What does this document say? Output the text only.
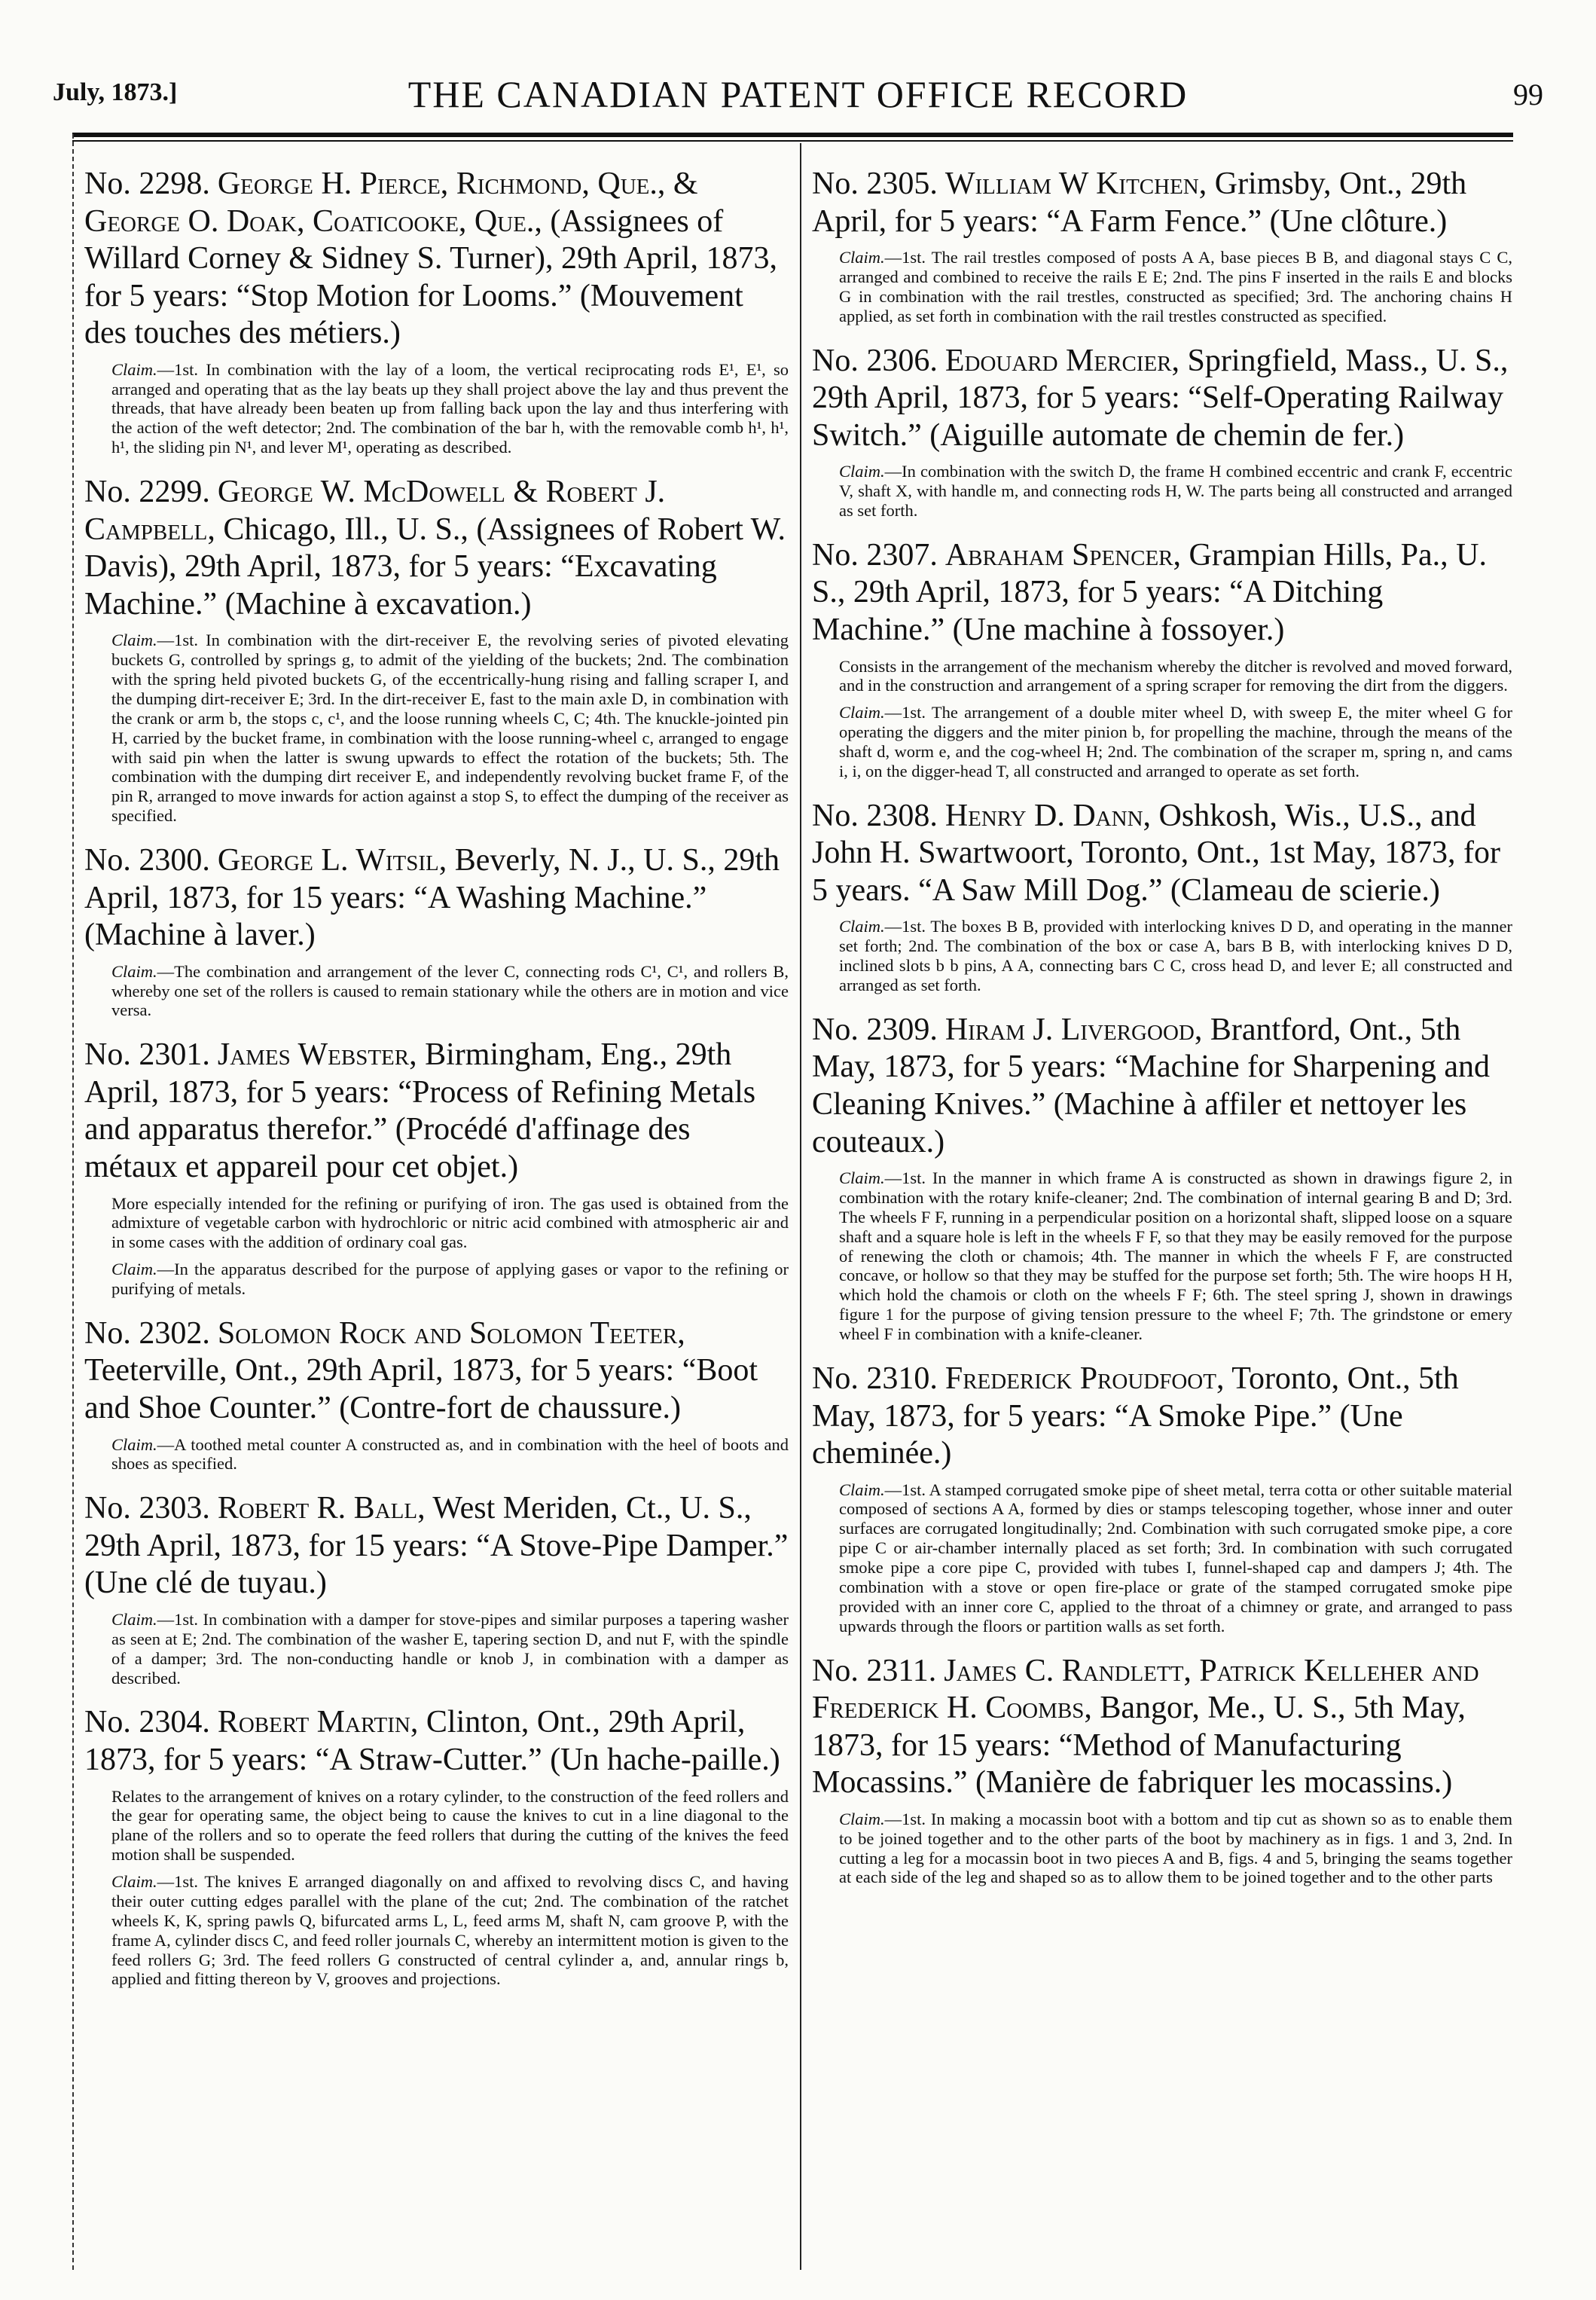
July, 1873.]	THE CANADIAN PATENT OFFICE RECORD	99

No. 2298. George H. Pierce, Richmond, Que., & George O. Doak, Coaticooke, Que., (Assignees of Willard Corney & Sidney S. Turner), 29th April, 1873, for 5 years: “Stop Motion for Looms.” (Mouvement des touches des métiers.)

Claim.—1st. In combination with the lay of a loom, the vertical reciprocating rods E¹, E¹, so arranged and operating that as the lay beats up they shall project above the lay and thus prevent the threads, that have already been beaten up from falling back upon the lay and thus interfering with the action of the weft detector; 2nd. The combination of the bar h, with the removable comb h¹, h¹, h¹, the sliding pin N¹, and lever M¹, operating as described.

No. 2299. George W. McDowell & Robert J. Campbell, Chicago, Ill., U. S., (Assignees of Robert W. Davis), 29th April, 1873, for 5 years: “Excavating Machine.” (Machine à excavation.)

Claim.—1st. In combination with the dirt-receiver E, the revolving series of pivoted elevating buckets G, controlled by springs g, to admit of the yielding of the buckets; 2nd. The combination with the spring held pivoted buckets G, of the eccentrically-hung rising and falling scraper I, and the dumping dirt-receiver E; 3rd. In the dirt-receiver E, fast to the main axle D, in combination with the crank or arm b, the stops c, c¹, and the loose running wheels C, C; 4th. The knuckle-jointed pin H, carried by the bucket frame, in combination with the loose running-wheel c, arranged to engage with said pin when the latter is swung upwards to effect the rotation of the buckets; 5th. The combination with the dumping dirt receiver E, and independently revolving bucket frame F, of the pin R, arranged to move inwards for action against a stop S, to effect the dumping of the receiver as specified.

No. 2300. George L. Witsil, Beverly, N. J., U. S., 29th April, 1873, for 15 years: “A Washing Machine.” (Machine à laver.)

Claim.—The combination and arrangement of the lever C, connecting rods C¹, C¹, and rollers B, whereby one set of the rollers is caused to remain stationary while the others are in motion and vice versa.

No. 2301. James Webster, Birmingham, Eng., 29th April, 1873, for 5 years: “Process of Refining Metals and apparatus therefor.” (Procédé d'affinage des métaux et appareil pour cet objet.)

More especially intended for the refining or purifying of iron. The gas used is obtained from the admixture of vegetable carbon with hydrochloric or nitric acid combined with atmospheric air and in some cases with the addition of ordinary coal gas.

Claim.—In the apparatus described for the purpose of applying gases or vapor to the refining or purifying of metals.

No. 2302. Solomon Rock and Solomon Teeter, Teeterville, Ont., 29th April, 1873, for 5 years: “Boot and Shoe Counter.” (Contre-fort de chaussure.)

Claim.—A toothed metal counter A constructed as, and in combination with the heel of boots and shoes as specified.

No. 2303. Robert R. Ball, West Meriden, Ct., U. S., 29th April, 1873, for 15 years: “A Stove-Pipe Damper.” (Une clé de tuyau.)

Claim.—1st. In combination with a damper for stove-pipes and similar purposes a tapering washer as seen at E; 2nd. The combination of the washer E, tapering section D, and nut F, with the spindle of a damper; 3rd. The non-conducting handle or knob J, in combination with a damper as described.

No. 2304. Robert Martin, Clinton, Ont., 29th April, 1873, for 5 years: “A Straw-Cutter.” (Un hache-paille.)

Relates to the arrangement of knives on a rotary cylinder, to the construction of the feed rollers and the gear for operating same, the object being to cause the knives to cut in a line diagonal to the plane of the rollers and so to operate the feed rollers that during the cutting of the knives the feed motion shall be suspended.

Claim.—1st. The knives E arranged diagonally on and affixed to revolving discs C, and having their outer cutting edges parallel with the plane of the cut; 2nd. The combination of the ratchet wheels K, K, spring pawls Q, bifurcated arms L, L, feed arms M, shaft N, cam groove P, with the frame A, cylinder discs C, and feed roller journals C, whereby an intermittent motion is given to the feed rollers G; 3rd. The feed rollers G constructed of central cylinder a, and, annular rings b, applied and fitting thereon by V, grooves and projections.

No. 2305. William W Kitchen, Grimsby, Ont., 29th April, for 5 years: “A Farm Fence.” (Une clôture.)

Claim.—1st. The rail trestles composed of posts A A, base pieces B B, and diagonal stays C C, arranged and combined to receive the rails E E; 2nd. The pins F inserted in the rails E and blocks G in combination with the rail trestles, constructed as specified; 3rd. The anchoring chains H applied, as set forth in combination with the rail trestles constructed as specified.

No. 2306. Edouard Mercier, Springfield, Mass., U. S., 29th April, 1873, for 5 years: “Self-Operating Railway Switch.” (Aiguille automate de chemin de fer.)

Claim.—In combination with the switch D, the frame H combined eccentric and crank F, eccentric V, shaft X, with handle m, and connecting rods H, W. The parts being all constructed and arranged as set forth.

No. 2307. Abraham Spencer, Grampian Hills, Pa., U. S., 29th April, 1873, for 5 years: “A Ditching Machine.” (Une machine à fossoyer.)

Consists in the arrangement of the mechanism whereby the ditcher is revolved and moved forward, and in the construction and arrangement of a spring scraper for removing the dirt from the diggers.

Claim.—1st. The arrangement of a double miter wheel D, with sweep E, the miter wheel G for operating the diggers and the miter pinion b, for propelling the machine, through the means of the shaft d, worm e, and the cog-wheel H; 2nd. The combination of the scraper m, spring n, and cams i, i, on the digger-head T, all constructed and arranged to operate as set forth.

No. 2308. Henry D. Dann, Oshkosh, Wis., U.S., and John H. Swartwoort, Toronto, Ont., 1st May, 1873, for 5 years. “A Saw Mill Dog.” (Clameau de scierie.)

Claim.—1st. The boxes B B, provided with interlocking knives D D, and operating in the manner set forth; 2nd. The combination of the box or case A, bars B B, with interlocking knives D D, inclined slots b b pins, A A, connecting bars C C, cross head D, and lever E; all constructed and arranged as set forth.

No. 2309. Hiram J. Livergood, Brantford, Ont., 5th May, 1873, for 5 years: “Machine for Sharpening and Cleaning Knives.” (Machine à affiler et nettoyer les couteaux.)

Claim.—1st. In the manner in which frame A is constructed as shown in drawings figure 2, in combination with the rotary knife-cleaner; 2nd. The combination of internal gearing B and D; 3rd. The wheels F F, running in a perpendicular position on a horizontal shaft, slipped loose on a square shaft and a square hole is left in the wheels F F, so that they may be easily removed for the purpose of renewing the cloth or chamois; 4th. The manner in which the wheels F F, are constructed concave, or hollow so that they may be stuffed for the purpose set forth; 5th. The wire hoops H H, which hold the chamois or cloth on the wheels F F; 6th. The steel spring J, shown in drawings figure 1 for the purpose of giving tension pressure to the wheel F; 7th. The grindstone or emery wheel F in combination with a knife-cleaner.

No. 2310. Frederick Proudfoot, Toronto, Ont., 5th May, 1873, for 5 years: “A Smoke Pipe.” (Une cheminée.)

Claim.—1st. A stamped corrugated smoke pipe of sheet metal, terra cotta or other suitable material composed of sections A A, formed by dies or stamps telescoping together, whose inner and outer surfaces are corrugated longitudinally; 2nd. Combination with such corrugated smoke pipe, a core pipe C or air-chamber internally placed as set forth; 3rd. In combination with such corrugated smoke pipe a core pipe C, provided with tubes I, funnel-shaped cap and dampers J; 4th. The combination with a stove or open fire-place or grate of the stamped corrugated smoke pipe provided with an inner core C, applied to the throat of a chimney or grate, and arranged to pass upwards through the floors or partition walls as set forth.

No. 2311. James C. Randlett, Patrick Kelleher and Frederick H. Coombs, Bangor, Me., U. S., 5th May, 1873, for 15 years: “Method of Manufacturing Mocassins.” (Manière de fabriquer les mocassins.)

Claim.—1st. In making a mocassin boot with a bottom and tip cut as shown so as to enable them to be joined together and to the other parts of the boot by machinery as in figs. 1 and 3, 2nd. In cutting a leg for a mocassin boot in two pieces A and B, figs. 4 and 5, bringing the seams together at each side of the leg and shaped so as to allow them to be joined together and to the other parts
